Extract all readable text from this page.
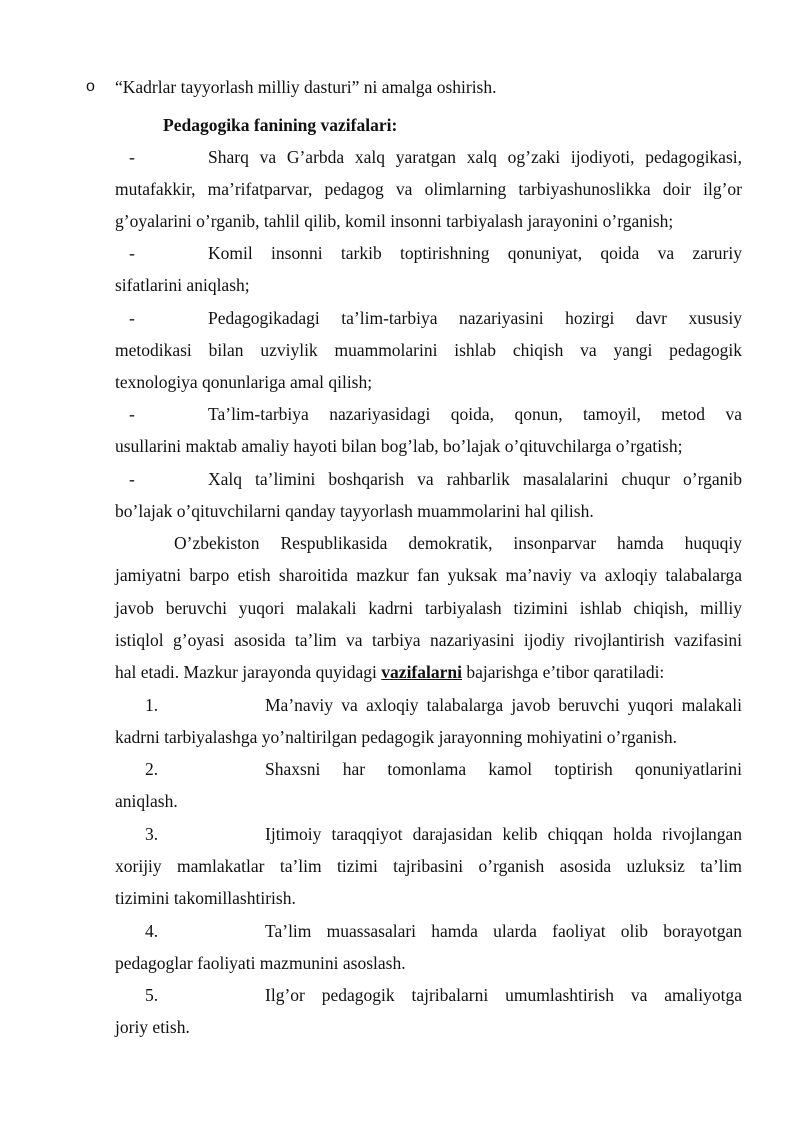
o “Kadrlar tayyorlash milliy dasturi” ni amalga oshirish.
Pedagogika fanining vazifalari:
-	Sharq va G’arbda xalq yaratgan xalq og’zaki ijodiyoti, pedagogikasi,
mutafakkir, ma’rifatparvar, pedagog va olimlarning tarbiyashunoslikka doir ilg’or
g’oyalarini o’rganib, tahlil qilib, komil insonni tarbiyalash jarayonini o’rganish;
-	Komil insonni tarkib toptirishning qonuniyat, qoida va zaruriy
sifatlarini aniqlash;
-	Pedagogikadagi ta’lim-tarbiya nazariyasini hozirgi davr xususiy
metodikasi bilan uzviylik muammolarini ishlab chiqish va yangi pedagogik
texnologiya qonunlariga amal qilish;
-	Ta’lim-tarbiya nazariyasidagi qoida, qonun, tamoyil, metod va
usullarini maktab amaliy hayoti bilan bog’lab, bo’lajak o’qituvchilarga o’rgatish;
-	Xalq ta’limini boshqarish va rahbarlik masalalarini chuqur o’rganib
bo’lajak o’qituvchilarni qanday tayyorlash muammolarini hal qilish.
O’zbekiston Respublikasida demokratik, insonparvar hamda huquqiy
jamiyatni barpo etish sharoitida mazkur fan yuksak ma’naviy va axloqiy talabalarga
javob beruvchi yuqori malakali kadrni tarbiyalash tizimini ishlab chiqish, milliy
istiqlol g’oyasi asosida ta’lim va tarbiya nazariyasini ijodiy rivojlantirish vazifasini
hal etadi. Mazkur jarayonda quyidagi vazifalarni bajarishga e’tibor qaratiladi:
1.	Ma’naviy va axloqiy talabalarga javob beruvchi yuqori malakali
kadrni tarbiyalashga yo’naltirilgan pedagogik jarayonning mohiyatini o’rganish.
2.	Shaxsni har tomonlama kamol toptirish qonuniyatlarini
aniqlash.
3.	Ijtimoiy taraqqiyot darajasidan kelib chiqqan holda rivojlangan
xorijiy mamlakatlar ta’lim tizimi tajribasini o’rganish asosida uzluksiz ta’lim
tizimini takomillashtirish.
4.	Ta’lim muassasalari hamda ularda faoliyat olib borayotgan
pedagoglar faoliyati mazmunini asoslash.
5.	Ilg’or pedagogik tajribalarni umumlashtirish va amaliyotga
joriy etish.
